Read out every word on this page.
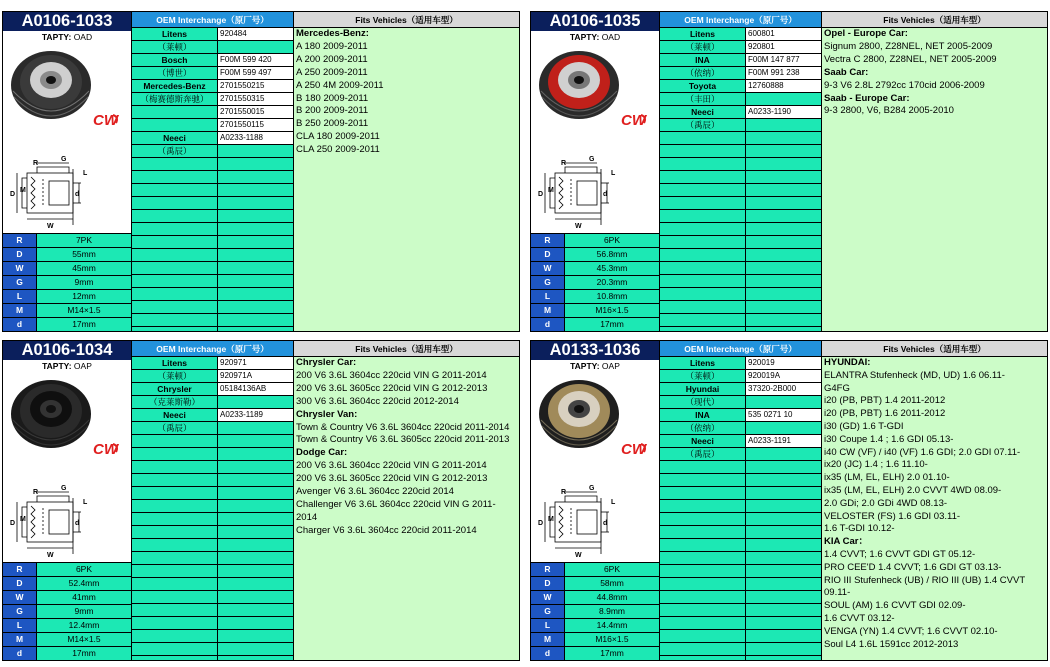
A0106-1033
TAPTY: OAD
CW
R
G
D
M
d
L
W
R	7PK
D	55mm
W	45mm
G	9mm
L	12mm
M	M14×1.5
d	17mm
OEM Interchange（原厂号）
Litens	920484
（莱顿）
Bosch	F00M 599 420
（博世）	F00M 599 497
Mercedes-Benz	2701550215
（梅赛德斯奔驰）	2701550315
2701550015
2701550115
Neeci	A0233-1188
（禹辰）
Fits Vehicles（适用车型）
Mercedes-Benz:
A 180 2009-2011
A 200 2009-2011
A 250 2009-2011
A 250 4M 2009-2011
B 180 2009-2011
B 200 2009-2011
B 250 2009-2011
CLA 180 2009-2011
CLA 250 2009-2011
A0106-1035
TAPTY: OAD
CW
R
G
D
M
d
L
W
R	6PK
D	56.8mm
W	45.3mm
G	20.3mm
L	10.8mm
M	M16×1.5
d	17mm
OEM Interchange（原厂号）
Litens	600801
（莱顿）	920801
INA	F00M 147 877
（依纳）	F00M 991 238
Toyota	12760888
（丰田）
Neeci	A0233-1190
（禹辰）
Fits Vehicles（适用车型）
Opel - Europe Car:
Signum 2800, Z28NEL, NET 2005-2009
Vectra C 2800, Z28NEL, NET 2005-2009
Saab Car:
9-3 V6 2.8L 2792cc 170cid 2006-2009
Saab - Europe Car:
9-3 2800, V6, B284 2005-2010
A0106-1034
TAPTY: OAP
CW
R
G
D
M
d
L
W
R	6PK
D	52.4mm
W	41mm
G	9mm
L	12.4mm
M	M14×1.5
d	17mm
OEM Interchange（原厂号）
Litens	920971
（莱顿）	920971A
Chrysler	05184136AB
（克莱斯勒）
Neeci	A0233-1189
（禹辰）
Fits Vehicles（适用车型）
Chrysler Car:
200 V6 3.6L 3604cc 220cid VIN G 2011-2014
200 V6 3.6L 3605cc 220cid VIN G 2012-2013
300 V6 3.6L 3604cc 220cid 2012-2014
Chrysler Van:
Town & Country V6 3.6L 3604cc 220cid 2011-2014
Town & Country V6 3.6L 3605cc 220cid 2011-2013
Dodge Car:
200 V6 3.6L 3604cc 220cid VIN G 2011-2014
200 V6 3.6L 3605cc 220cid VIN G 2012-2013
Avenger V6 3.6L 3604cc 220cid 2014
Challenger V6 3.6L 3604cc 220cid VIN G 2011-2014
Charger V6 3.6L 3604cc 220cid 2011-2014
A0133-1036
TAPTY: OAP
CW
R
G
D
M
d
L
W
R	6PK
D	58mm
W	44.8mm
G	8.9mm
L	14.4mm
M	M16×1.5
d	17mm
OEM Interchange（原厂号）
Litens	920019
（莱顿）	920019A
Hyundai	37320-2B000
（现代）
INA	535 0271 10
（依纳）
Neeci	A0233-1191
（禹辰）
Fits Vehicles（适用车型）
HYUNDAI:
ELANTRA Stufenheck (MD, UD) 1.6 06.11-
G4FG
i20 (PB, PBT) 1.4 2011-2012
i20 (PB, PBT) 1.6 2011-2012
i30 (GD) 1.6 T-GDI
i30 Coupe 1.4 ; 1.6 GDI 05.13-
i40 CW (VF) / i40 (VF) 1.6 GDI; 2.0 GDI 07.11-
ix20 (JC) 1.4 ; 1.6 11.10-
ix35 (LM, EL, ELH) 2.0 01.10-
ix35 (LM, EL, ELH) 2.0 CVVT 4WD 08.09-
2.0 GDi; 2.0 GDi 4WD 08.13-
VELOSTER (FS) 1.6 GDI 03.11-
1.6 T-GDI 10.12-
KIA Car：
1.4 CVVT; 1.6 CVVT GDI GT 05.12-
PRO CEE'D 1.4 CVVT; 1.6 GDI GT 03.13-
RIO III Stufenheck (UB) / RIO III (UB) 1.4 CVVT 09.11-
SOUL (AM) 1.6 CVVT GDI 02.09-
1.6 CVVT 03.12-
VENGA (YN) 1.4 CVVT; 1.6 CVVT 02.10-
Soul L4 1.6L 1591cc 2012-2013
